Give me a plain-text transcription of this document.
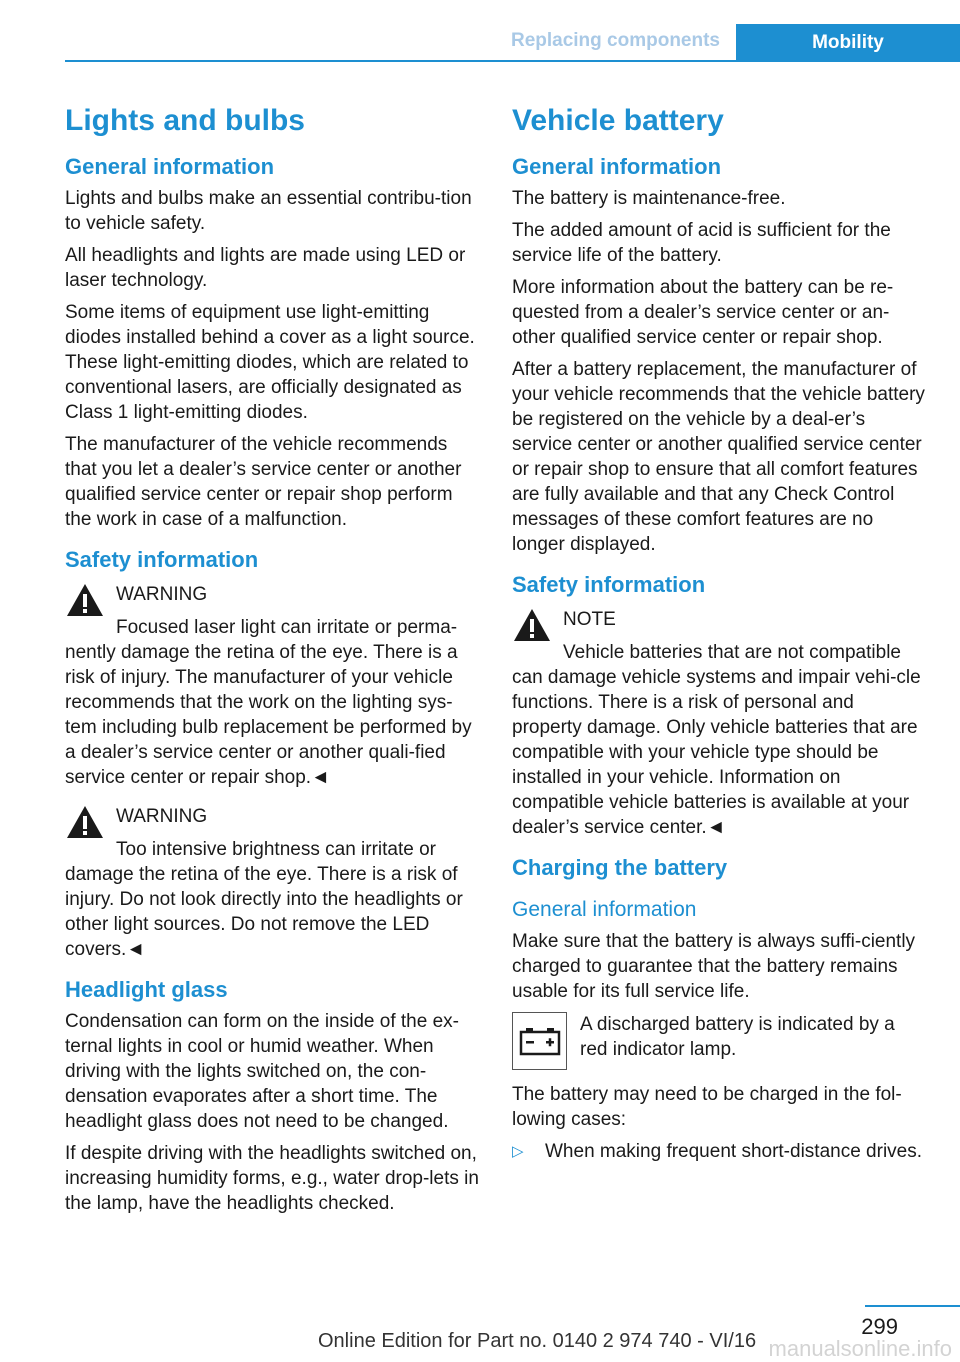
Replacing components	Mobility
Lights and bulbs
General information

Lights and bulbs make an essential contribu‐tion to vehicle safety.

All headlights and lights are made using LED or laser technology.

Some items of equipment use light-emitting diodes installed behind a cover as a light source. These light-emitting diodes, which are related to conventional lasers, are officially designated as Class 1 light-emitting diodes.

The manufacturer of the vehicle recommends that you let a dealer’s service center or another qualified service center or repair shop perform the work in case of a malfunction.

Safety information
WARNING

Focused laser light can irritate or perma‐nently damage the retina of the eye. There is a risk of injury. The manufacturer of your vehicle recommends that the work on the lighting sys‐tem including bulb replacement be performed by a dealer’s service center or another quali‐fied service center or repair shop.◄

WARNING

Too intensive brightness can irritate or damage the retina of the eye. There is a risk of injury. Do not look directly into the headlights or other light sources. Do not remove the LED covers.◄

Headlight glass

Condensation can form on the inside of the ex‐ternal lights in cool or humid weather. When driving with the lights switched on, the con‐densation evaporates after a short time. The headlight glass does not need to be changed.

If despite driving with the headlights switched on, increasing humidity forms, e.g., water drop‐lets in the lamp, have the headlights checked.

Vehicle battery
General information

The battery is maintenance-free.

The added amount of acid is sufficient for the service life of the battery.

More information about the battery can be re‐quested from a dealer’s service center or an‐other qualified service center or repair shop.

After a battery replacement, the manufacturer of your vehicle recommends that the vehicle battery be registered on the vehicle by a deal‐er’s service center or another qualified service center or repair shop to ensure that all comfort features are fully available and that any Check Control messages of these comfort features are no longer displayed.

Safety information
NOTE

Vehicle batteries that are not compatible can damage vehicle systems and impair vehi‐cle functions. There is a risk of personal and property damage. Only vehicle batteries that are compatible with your vehicle type should be installed in your vehicle. Information on compatible vehicle batteries is available at your dealer’s service center.◄

Charging the battery
General information

Make sure that the battery is always suffi‐ciently charged to guarantee that the battery remains usable for its full service life.

A discharged battery is indicated by a red indicator lamp.

The battery may need to be charged in the fol‐lowing cases:

▷	When making frequent short-distance drives.
299
Online Edition for Part no. 0140 2 974 740 - VI/16 manualsonline.info
